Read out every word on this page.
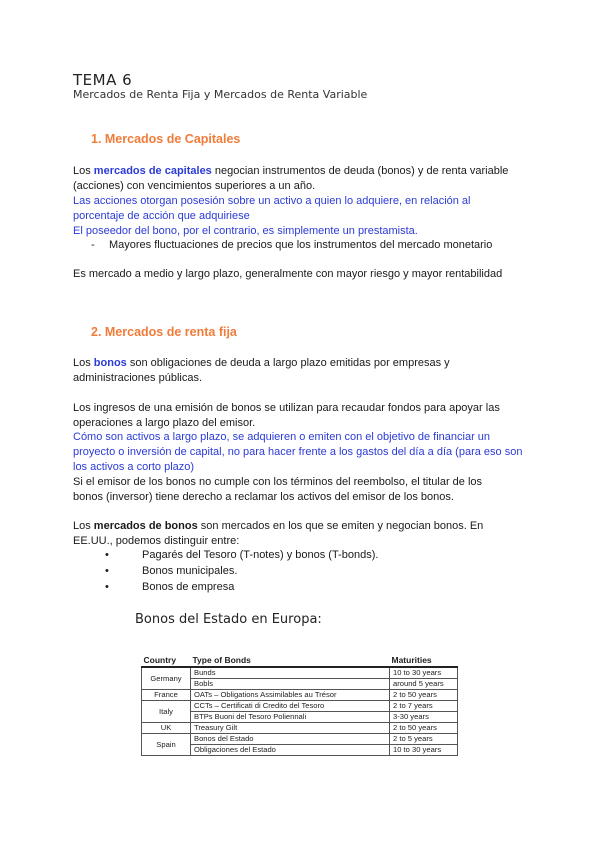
TEMA 6
Mercados de Renta Fija y Mercados de Renta Variable
1. Mercados de Capitales

Los mercados de capitales negocian instrumentos de deuda (bonos) y de renta variable (acciones) con vencimientos superiores a un año.

Las acciones otorgan posesión sobre un activo a quien lo adquiere, en relación al porcentaje de acción que adquiriese

El poseedor del bono, por el contrario, es simplemente un prestamista.

- Mayores fluctuaciones de precios que los instrumentos del mercado monetario

Es mercado a medio y largo plazo, generalmente con mayor riesgo y mayor rentabilidad

2. Mercados de renta fija

Los bonos son obligaciones de deuda a largo plazo emitidas por empresas y administraciones públicas.

Los ingresos de una emisión de bonos se utilizan para recaudar fondos para apoyar las operaciones a largo plazo del emisor.

Cómo son activos a largo plazo, se adquieren o emiten con el objetivo de financiar un proyecto o inversión de capital, no para hacer frente a los gastos del día a día (para eso son los activos a corto plazo)

Si el emisor de los bonos no cumple con los términos del reembolso, el titular de los bonos (inversor) tiene derecho a reclamar los activos del emisor de los bonos.

Los mercados de bonos son mercados en los que se emiten y negocian bonos. En EE.UU., podemos distinguir entre:

•	Pagarés del Tesoro (T-notes) y bonos (T-bonds).
•	Bonos municipales.
•	Bonos de empresa
Bonos del Estado en Europa:
Country	Type of Bonds	Maturities
Germany	Bunds	10 to 30 years
	Bobls	around 5 years
France	OATs – Obligations Assimilables au Trésor	2 to 50 years
Italy	CCTs – Certificati di Credito del Tesoro	2 to 7 years
	BTPs Buoni del Tesoro Poliennali	3-30 years
UK	Treasury Gilt	2 to 50 years
Spain	Bonos del Estado	2 to 5 years
	Obligaciones del Estado	10 to 30 years
